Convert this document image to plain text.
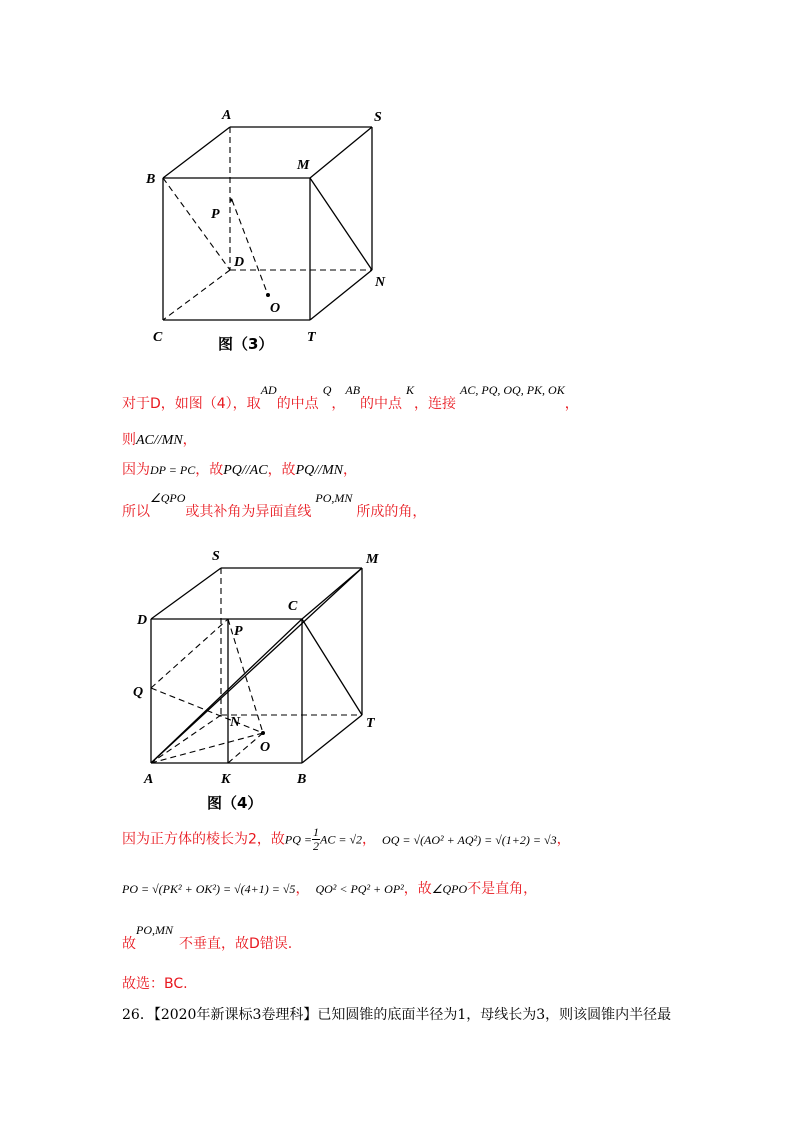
A	S
B
M
P
D
N
O
C	T
图（3）
对于D，如图（4），取AD的中点Q，AB的中点K，连接AC, PQ, OQ, PK, OK，
则AC//MN，
因为DP = PC，故PQ//AC，故PQ//MN，
所以∠QPO或其补角为异面直线PO,MN所成的角，
S	M
D
C
P
Q
N	T
O
A	K	B
图（4）
因为正方体的棱长为2，故PQ = $\frac{1}{2}$ AC = √2， OQ = √(AO² + AQ²) = √(1+2) = √3，
PO = √(PK² + OK²) = √(4+1) = √5， QO² < PQ² + OP²，故∠QPO不是直角，
故PO,MN不垂直，故D错误.
故选：BC.
26．【2020年新课标3卷理科】已知圆锥的底面半径为1，母线长为3，则该圆锥内半径最
